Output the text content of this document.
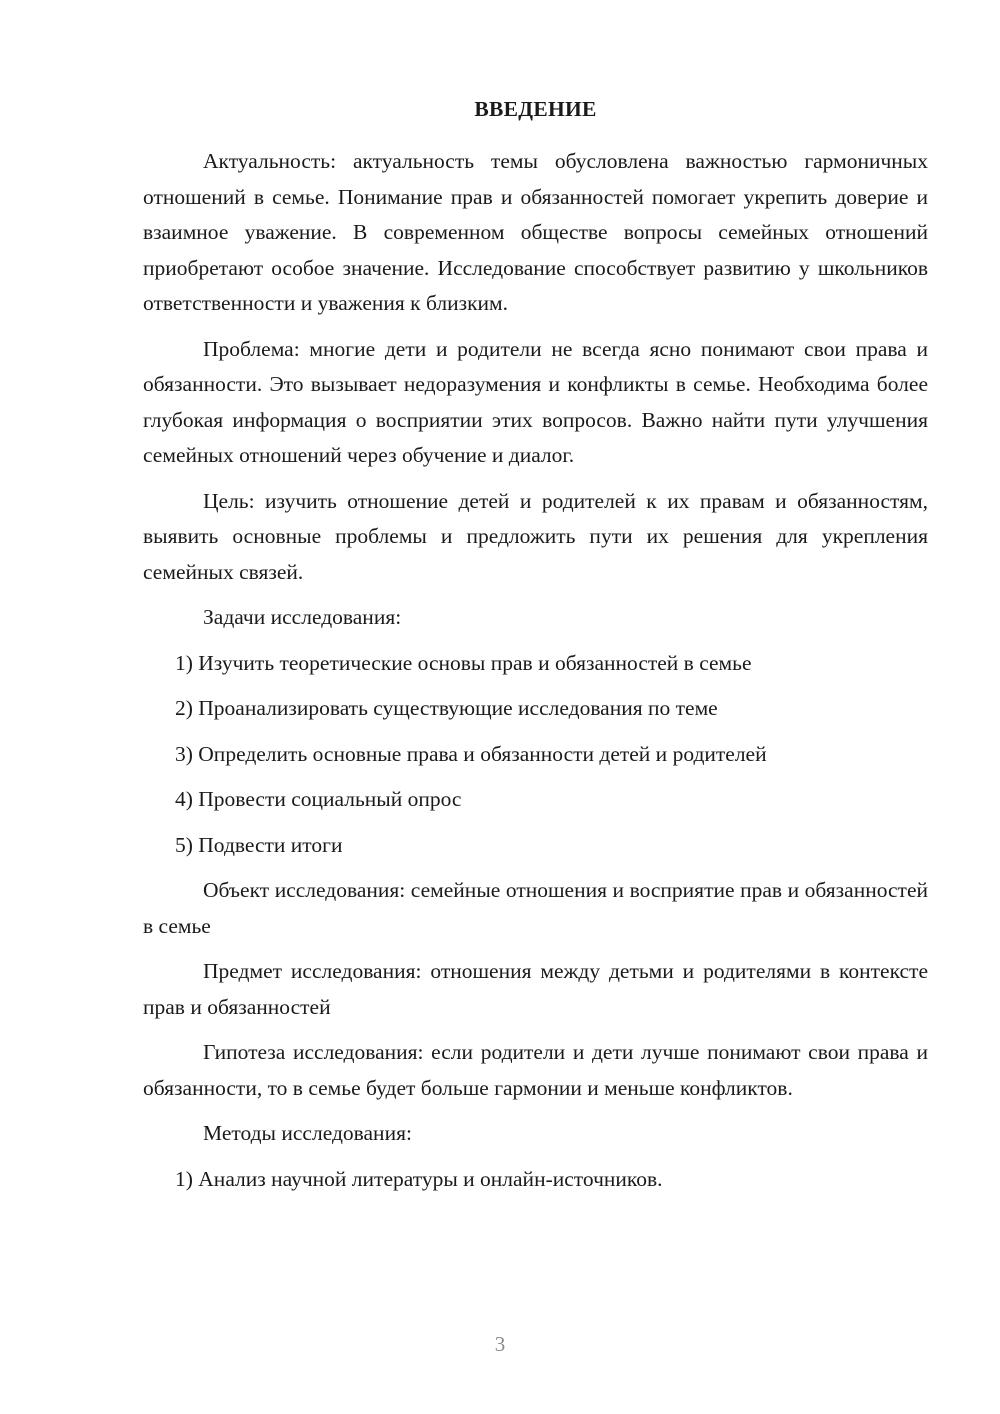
ВВЕДЕНИЕ

Актуальность: актуальность темы обусловлена важностью гармоничных отношений в семье. Понимание прав и обязанностей помогает укрепить доверие и взаимное уважение. В современном обществе вопросы семейных отношений приобретают особое значение. Исследование способствует развитию у школьников ответственности и уважения к близким.

Проблема: многие дети и родители не всегда ясно понимают свои права и обязанности. Это вызывает недоразумения и конфликты в семье. Необходима более глубокая информация о восприятии этих вопросов. Важно найти пути улучшения семейных отношений через обучение и диалог.

Цель: изучить отношение детей и родителей к их правам и обязанностям, выявить основные проблемы и предложить пути их решения для укрепления семейных связей.

Задачи исследования:

1) Изучить теоретические основы прав и обязанностей в семье

2) Проанализировать существующие исследования по теме

3) Определить основные права и обязанности детей и родителей

4) Провести социальный опрос

5) Подвести итоги

Объект исследования: семейные отношения и восприятие прав и обязанностей в семье

Предмет исследования: отношения между детьми и родителями в контексте прав и обязанностей

Гипотеза исследования: если родители и дети лучше понимают свои права и обязанности, то в семье будет больше гармонии и меньше конфликтов.

Методы исследования:

1) Анализ научной литературы и онлайн-источников.

3
